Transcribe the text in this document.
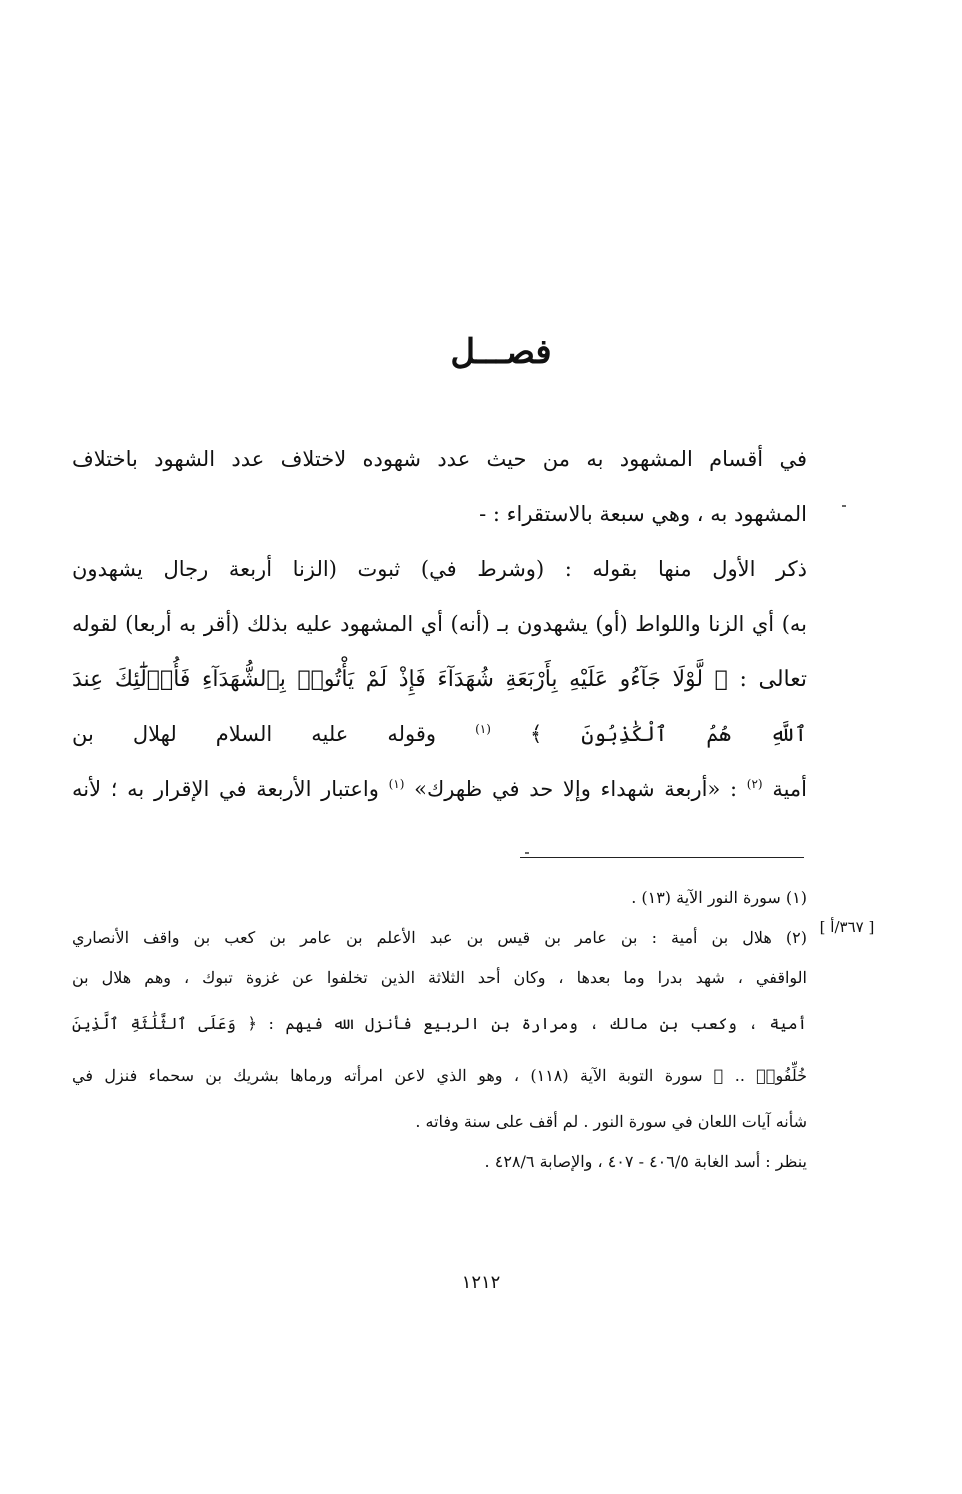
فصـــل
في أقسام المشهود به من حيث عدد شهوده لاختلاف عدد الشهود باختلاف
المشهود به ، وهي سبعة بالاستقراء : -
ذكر الأول منها بقوله : (وشرط في) ثبوت (الزنا أربعة رجال يشهدون
به) أي الزنا واللواط (أو) يشهدون بـ (أنه) أي المشهود عليه بذلك (أقر به أربعا) لقوله
تعالى : ﴿ لَّوْلَا جَآءُو عَلَيْهِ بِأَرْبَعَةِ شُهَدَآءَ فَإِذْ لَمْ يَأْتُوا۟ بِٱلشُّهَدَآءِ فَأُو۟لَٰٓئِكَ عِندَ
ٱللَّهِ هُمُ ٱلْكَٰذِبُونَ ﴾ $^{(١)}$ وقوله عليه السلام لهلال بن
أمية $^{(٢)}$ : «أربعة شهداء وإلا حد في ظهرك» $^{(١)}$ واعتبار الأربعة في الإقرار به ؛ لأنه
[ ٣٦٧/أ ]
(١) سورة النور الآية (١٣) .
(٢) هلال بن أمية : بن عامر بن قيس بن عبد الأعلم بن عامر بن كعب بن واقف الأنصاري
الواقفي ، شهد بدرا وما بعدها ، وكان أحد الثلاثة الذين تخلفوا عن غزوة تبوك ، وهم هلال بن
أمية ، وكعب بن مالك ، ومرارة بن الربيع فأنزل الله فيهم : ﴿ وَعَلَى ٱلثَّلَٰثَةِ ٱلَّذِينَ
خُلِّفُوا۟ .. ﴾ سورة التوبة الآية (١١٨) ، وهو الذي لاعن امرأته ورماها بشريك بن سحماء فنزل في
شأنه آيات اللعان في سورة النور . لم أقف على سنة وفاته .
ينظر : أسد الغابة ٤٠٦/٥ - ٤٠٧ ، والإصابة ٤٢٨/٦ .
١٢١٢
